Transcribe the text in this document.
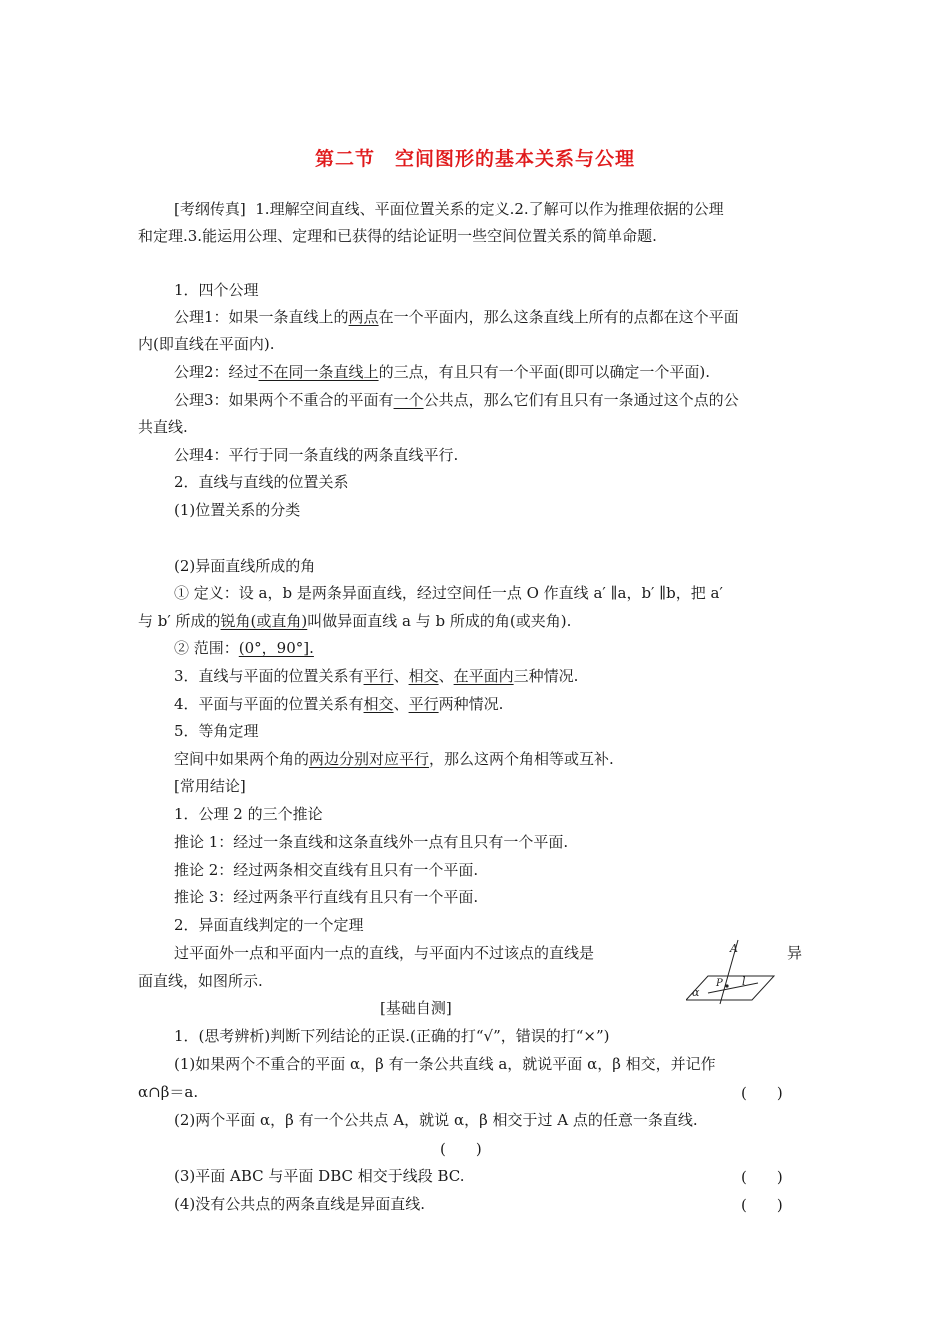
第二节　空间图形的基本关系与公理
[考纲传真] 1.理解空间直线、平面位置关系的定义.2.了解可以作为推理依据的公理
和定理.3.能运用公理、定理和已获得的结论证明一些空间位置关系的简单命题.
1．四个公理
公理1：如果一条直线上的两点在一个平面内，那么这条直线上所有的点都在这个平面
内(即直线在平面内).
公理2：经过不在同一条直线上的三点，有且只有一个平面(即可以确定一个平面).
公理3：如果两个不重合的平面有一个公共点，那么它们有且只有一条通过这个点的公
共直线.
公理4：平行于同一条直线的两条直线平行.
2．直线与直线的位置关系
(1)位置关系的分类
(2)异面直线所成的角
① 定义：设 a，b 是两条异面直线，经过空间任一点 O 作直线 a′ ∥a，b′ ∥b，把 a′
与 b′ 所成的锐角(或直角)叫做异面直线 a 与 b 所成的角(或夹角).
② 范围：(0°，90°].
3．直线与平面的位置关系有平行、相交、在平面内三种情况.
4．平面与平面的位置关系有相交、平行两种情况.
5．等角定理
空间中如果两个角的两边分别对应平行，那么这两个角相等或互补.
[常用结论]
1．公理 2 的三个推论
推论 1：经过一条直线和这条直线外一点有且只有一个平面.
推论 2：经过两条相交直线有且只有一个平面.
推论 3：经过两条平行直线有且只有一个平面.
2．异面直线判定的一个定理
过平面外一点和平面内一点的直线，与平面内不过该点的直线是	异
面直线，如图所示.
A
P l
α
[基础自测]
1．(思考辨析)判断下列结论的正误.(正确的打“√”，错误的打“×”)
(1)如果两个不重合的平面 α，β 有一条公共直线 a，就说平面 α，β 相交，并记作
α∩β＝a.	(　　)
(2)两个平面 α，β 有一个公共点 A，就说 α，β 相交于过 A 点的任意一条直线.
(　　)
(3)平面 ABC 与平面 DBC 相交于线段 BC.	(　　)
(4)没有公共点的两条直线是异面直线.	(　　)
